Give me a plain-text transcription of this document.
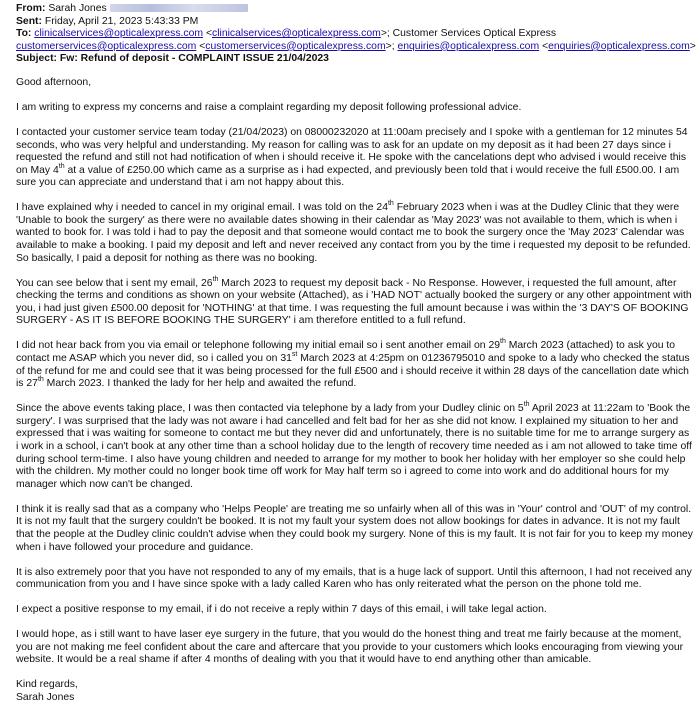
From: Sarah Jones
Sent: Friday, April 21, 2023 5:43:33 PM
To: clinicalservices@opticalexpress.com <clinicalservices@opticalexpress.com>; Customer Services Optical Express
customerservices@opticalexpress.com <customerservices@opticalexpress.com>; enquiries@opticalexpress.com <enquiries@opticalexpress.com>
Subject: Fw: Refund of deposit - COMPLAINT ISSUE 21/04/2023

Good afternoon,

I am writing to express my concerns and raise a complaint regarding my deposit following professional advice.

I contacted your customer service team today (21/04/2023) on 08000232020 at 11:00am precisely and I spoke with a gentleman for 12 minutes 54 seconds, who was very helpful and understanding. My reason for calling was to ask for an update on my deposit as it had been 27 days since i requested the refund and still not had notification of when i should receive it. He spoke with the cancelations dept who advised i would receive this on May 4th at a value of £250.00 which came as a surprise as i had expected, and previously been told that i would receive the full £500.00. I am sure you can appreciate and understand that i am not happy about this.

I have explained why i needed to cancel in my original email. I was told on the 24th February 2023 when i was at the Dudley Clinic that they were 'Unable to book the surgery' as there were no available dates showing in their calendar as 'May 2023' was not available to them, which is when i wanted to book for. I was told i had to pay the deposit and that someone would contact me to book the surgery once the 'May 2023' Calendar was available to make a booking. I paid my deposit and left and never received any contact from you by the time i requested my deposit to be refunded. So basically, I paid a deposit for nothing as there was no booking.

You can see below that i sent my email, 26th March 2023 to request my deposit back - No Response. However, i requested the full amount, after checking the terms and conditions as shown on your website (Attached), as i 'HAD NOT' actually booked the surgery or any other appointment with you, i had just given £500.00 deposit for 'NOTHING' at that time. I was requesting the full amount because i was within the '3 DAY'S OF BOOKING SURGERY - AS IT IS BEFORE BOOKING THE SURGERY' i am therefore entitled to a full refund.

I did not hear back from you via email or telephone following my initial email so i sent another email on 29th March 2023 (attached) to ask you to contact me ASAP which you never did, so i called you on 31st March 2023 at 4:25pm on 01236795010 and spoke to a lady who checked the status of the refund for me and could see that it was being processed for the full £500 and i should receive it within 28 days of the cancellation date which is 27th March 2023. I thanked the lady for her help and awaited the refund.

Since the above events taking place, I was then contacted via telephone by a lady from your Dudley clinic on 5th April 2023 at 11:22am to 'Book the surgery'. I was surprised that the lady was not aware i had cancelled and felt bad for her as she did not know. I explained my situation to her and expressed that i was waiting for someone to contact me but they never did and unfortunately, there is no suitable time for me to arrange surgery as i work in a school, i can't book at any other time than a school holiday due to the length of recovery time needed as i am not allowed to take time off during school term-time. I also have young children and needed to arrange for my mother to book her holiday with her employer so she could help with the children. My mother could no longer book time off work for May half term so i agreed to come into work and do additional hours for my manager which now can't be changed.

I think it is really sad that as a company who 'Helps People' are treating me so unfairly when all of this was in 'Your' control and 'OUT' of my control. It is not my fault that the surgery couldn't be booked. It is not my fault your system does not allow bookings for dates in advance. It is not my fault that the people at the Dudley clinic couldn't advise when they could book my surgery. None of this is my fault. It is not fair for you to keep my money when i have followed your procedure and guidance.

It is also extremely poor that you have not responded to any of my emails, that is a huge lack of support. Until this afternoon, I had not received any communication from you and I have since spoke with a lady called Karen who has only reiterated what the person on the phone told me.

I expect a positive response to my email, if i do not receive a reply within 7 days of this email, i will take legal action.

I would hope, as i still want to have laser eye surgery in the future, that you would do the honest thing and treat me fairly because at the moment, you are not making me feel confident about the care and aftercare that you provide to your customers which looks encouraging from viewing your website. It would be a real shame if after 4 months of dealing with you that it would have to end anything other than amicable.

Kind regards,

Sarah Jones
